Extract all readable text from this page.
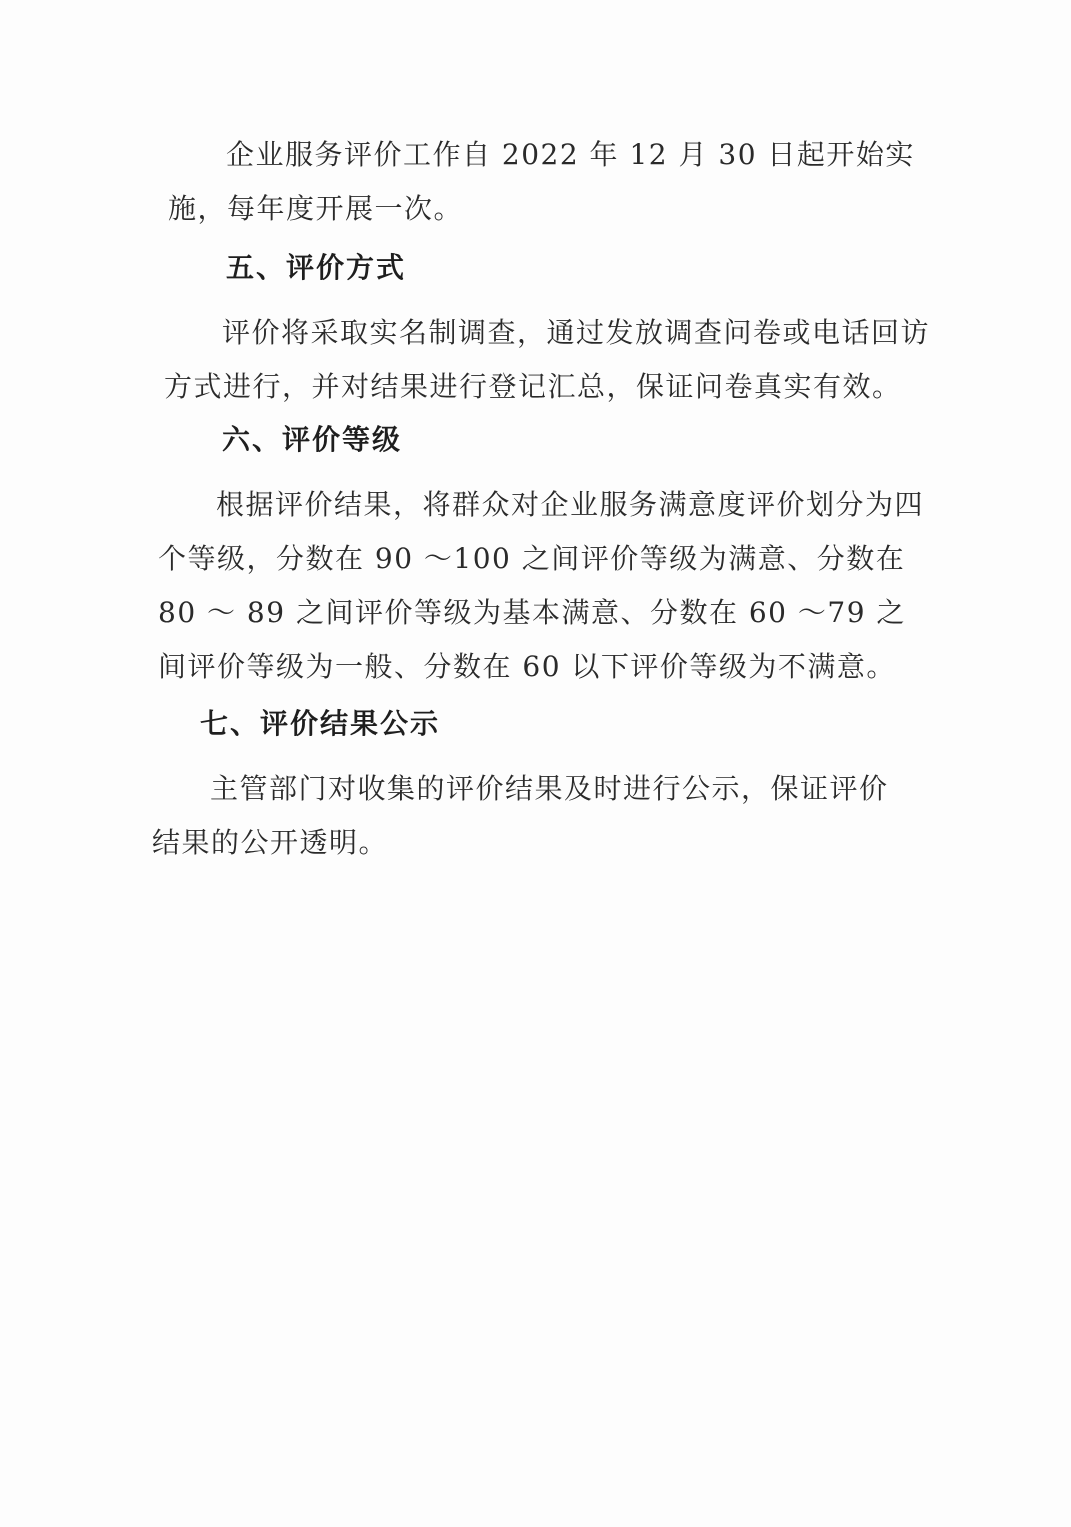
企业服务评价工作自 2022 年 12 月 30 日起开始实施，每年度开展一次。

五、评价方式

评价将采取实名制调查，通过发放调查问卷或电话回访方式进行，并对结果进行登记汇总，保证问卷真实有效。

六、评价等级

根据评价结果，将群众对企业服务满意度评价划分为四个等级，分数在 90 ～100 之间评价等级为满意、分数在 80 ～ 89 之间评价等级为基本满意、分数在 60 ～79 之间评价等级为一般、分数在 60 以下评价等级为不满意。

七、评价结果公示

主管部门对收集的评价结果及时进行公示，保证评价结果的公开透明。
